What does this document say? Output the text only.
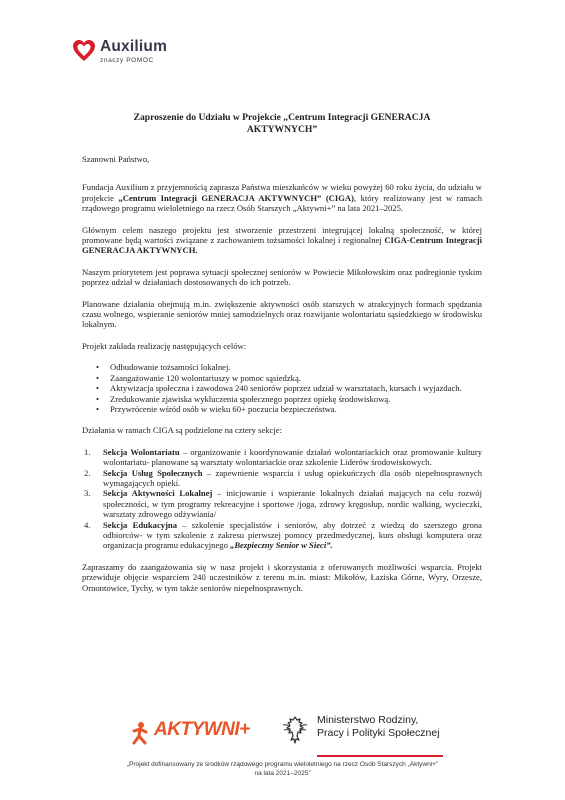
Auxilium
znaczy POMOC
Zaproszenie do Udziału w Projekcie „Centrum Integracji GENERACJA AKTYWNYCH”
Szanowni Państwo,
Fundacja Auxilium z przyjemnością zaprasza Państwa mieszkańców w wieku powyżej 60 roku życia, do udziału w projekcie „Centrum Integracji GENERACJA AKTYWNYCH” (CIGA), który realizowany jest w ramach rządowego programu wieloletniego na rzecz Osób Starszych „Aktywni+” na lata 2021–2025.
Głównym celem naszego projektu jest stworzenie przestrzeni integrującej lokalną społeczność, w której promowane będą wartości związane z zachowaniem tożsamości lokalnej i regionalnej CIGA-Centrum Integracji GENERACJA AKTYWNYCH.
Naszym priorytetem jest poprawa sytuacji społecznej seniorów w Powiecie Mikołowskim oraz podregionie tyskim poprzez udział w działaniach dostosowanych do ich potrzeb.
Planowane działania obejmują m.in. zwiększenie aktywności osób starszych w atrakcyjnych formach spędzania czasu wolnego, wspieranie seniorów mniej samodzielnych oraz rozwijanie wolontariatu sąsiedzkiego w środowisku lokalnym.
Projekt zakłada realizację następujących celów:
• Odbudowanie tożsamości lokalnej.
• Zaangażowanie 120 wolontariuszy w pomoc sąsiedzką.
• Aktywizacja społeczna i zawodowa 240 seniorów poprzez udział w warsztatach, kursach i wyjazdach.
• Zredukowanie zjawiska wykluczenia społecznego poprzez opiekę środowiskową.
• Przywrócenie wśród osób w wieku 60+ poczucia bezpieczeństwa.
Działania w ramach CIGA są podzielone na cztery sekcje:
1. Sekcja Wolontariatu – organizowanie i koordynowanie działań wolontariackich oraz promowanie kultury wolontariatu- planowane są warsztaty wolontariackie oraz szkolenie Liderów środowiskowych.
2. Sekcja Usług Społecznych – zapewnienie wsparcia i usług opiekuńczych dla osób niepełnosprawnych wymagających opieki.
3. Sekcja Aktywności Lokalnej – inicjowanie i wspieranie lokalnych działań mających na celu rozwój społeczności, w tym programy rekreacyjne i sportowe /joga, zdrowy kręgosłup, nordic walking, wycieczki, warsztaty zdrowego odżywiania/
4. Sekcja Edukacyjna – szkolenie specjalistów i seniorów, aby dotrzeć z wiedzą do szerszego grona odbiorców- w tym szkolenie z zakresu pierwszej pomocy przedmedycznej, kurs obsługi komputera oraz organizacja programu edukacyjnego „Bezpieczny Senior w Sieci”.
Zapraszamy do zaangażowania się w nasz projekt i skorzystania z oferowanych możliwości wsparcia. Projekt przewiduje objęcie wsparciem 240 uczestników z terenu m.in. miast: Mikołów, Łaziska Górne, Wyry, Orzesze, Ornontowice, Tychy, w tym także seniorów niepełnosprawnych.
AKTYWNI+	Ministerstwo Rodziny,
Pracy i Polityki Społecznej
„Projekt dofinansowany ze środków rządowego programu wieloletniego na rzecz Osób Starszych „Aktywni+”
na lata 2021–2025”
